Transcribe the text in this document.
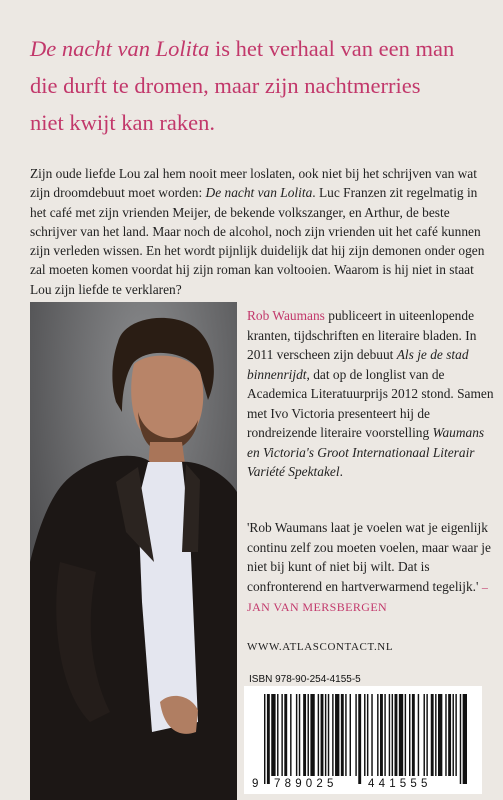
De nacht van Lolita is het verhaal van een man
die durft te dromen, maar zijn nachtmerries
niet kwijt kan raken.

Zijn oude liefde Lou zal hem nooit meer loslaten, ook niet bij het schrijven van wat zijn droomdebuut moet worden: De nacht van Lolita. Luc Franzen zit regelmatig in het café met zijn vrienden Meijer, de bekende volkszanger, en Arthur, de beste schrijver van het land. Maar noch de alcohol, noch zijn vrienden uit het café kunnen zijn verleden wissen. En het wordt pijnlijk duidelijk dat hij zijn demonen onder ogen zal moeten komen voordat hij zijn roman kan voltooien. Waarom is hij niet in staat Lou zijn liefde te verklaren?

Rob Waumans publiceert in uiteenlopende kranten, tijdschriften en literaire bladen. In 2011 verscheen zijn debuut Als je de stad binnenrijdt, dat op de longlist van de Academica Literatuurprijs 2012 stond. Samen met Ivo Victoria presenteert hij de rondreizende literaire voorstelling Waumans en Victoria's Groot Internationaal Literair Variété Spektakel.

'Rob Waumans laat je voelen wat je eigenlijk continu zelf zou moeten voelen, maar waar je niet bij kunt of niet bij wilt. Dat is confronterend en hartverwarmend tegelijk.' – JAN VAN MERSBERGEN

WWW.ATLASCONTACT.NL
ISBN 978-90-254-4155-5
9 789025	441555
